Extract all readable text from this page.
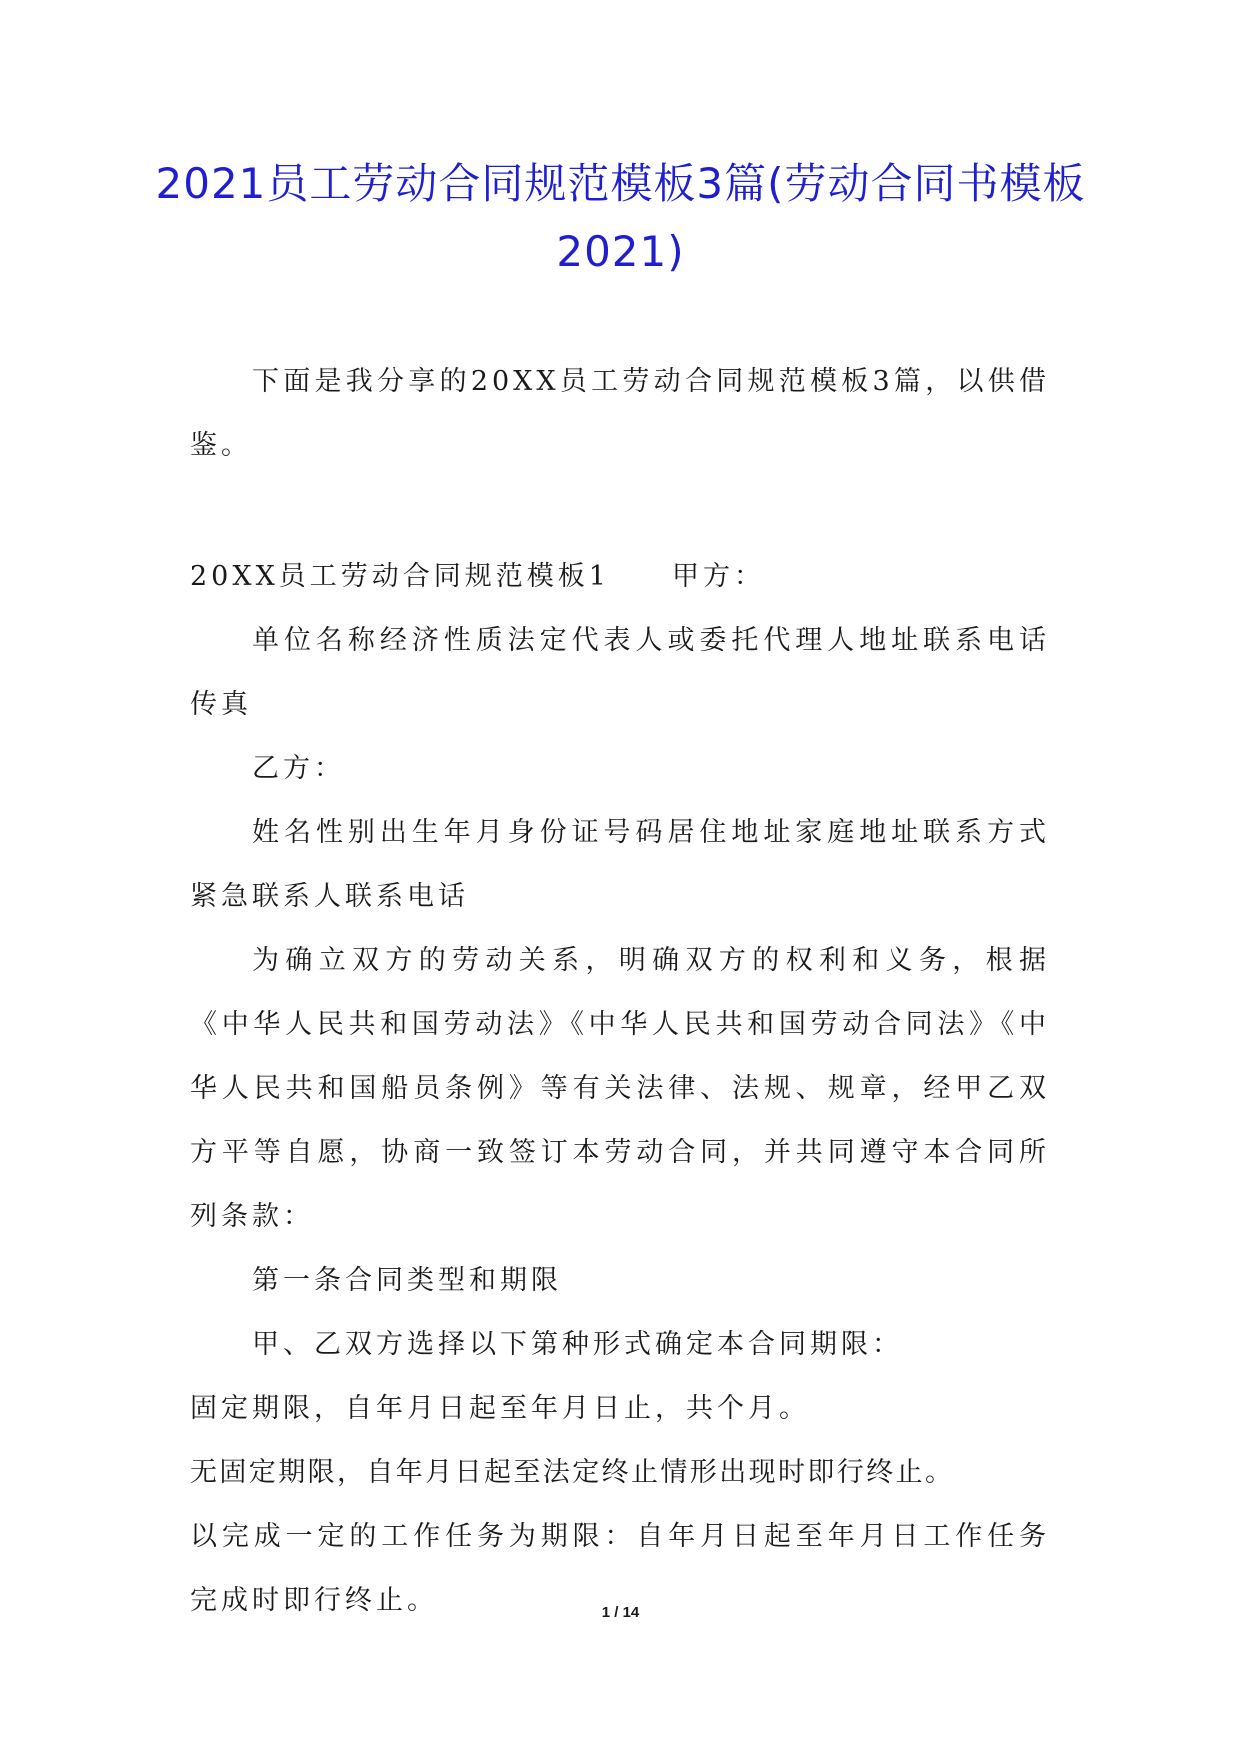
2021员工劳动合同规范模板3篇(劳动合同书模板2021)

下面是我分享的20XX员工劳动合同规范模板3篇，以供借鉴。

20XX员工劳动合同规范模板1 甲方：

单位名称经济性质法定代表人或委托代理人地址联系电话传真

乙方：

姓名性别出生年月身份证号码居住地址家庭地址联系方式紧急联系人联系电话

为确立双方的劳动关系，明确双方的权利和义务，根据《中华人民共和国劳动法》《中华人民共和国劳动合同法》《中华人民共和国船员条例》等有关法律、法规、规章，经甲乙双方平等自愿，协商一致签订本劳动合同，并共同遵守本合同所列条款：

第一条合同类型和期限

甲、乙双方选择以下第种形式确定本合同期限：

固定期限，自年月日起至年月日止，共个月。

无固定期限，自年月日起至法定终止情形出现时即行终止。

以完成一定的工作任务为期限：自年月日起至年月日工作任务完成时即行终止。	1 / 14
